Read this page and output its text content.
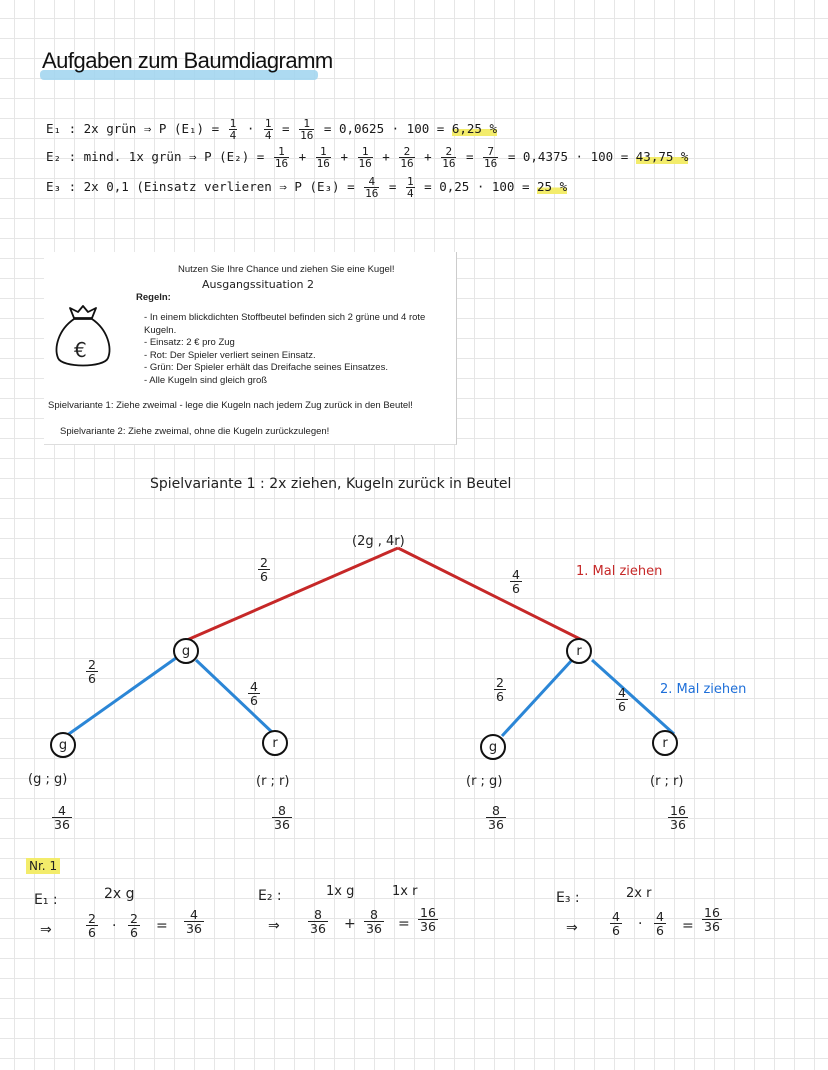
Aufgaben zum Baumdiagramm
E₁ : 2x grün ⇒ P $(E_1) = \frac{1}{4} \cdot \frac{1}{4} = \frac{1}{16} = 0,0625 \cdot 100 = 6,25$ %
E₂ : mind. 1x grün ⇒ P $(E_2) = \frac{1}{16} + \frac{1}{16} + \frac{1}{16} + \frac{2}{16} + \frac{2}{16} = \frac{7}{16} = 0,4375 \cdot 100 = 43,75$ %
E₃ : 2x 0,1 (Einsatz verlieren ⇒ P $(E_3) = \frac{4}{16} = \frac{1}{4} = 0,25 \cdot 100 = 25$ %
Nutzen Sie Ihre Chance und ziehen Sie eine Kugel!
Ausgangssituation 2
Regeln:
€
- In einem blickdichten Stoffbeutel befinden sich 2 grüne und 4 rote Kugeln.
- Einsatz: 2 € pro Zug
- Rot: Der Spieler verliert seinen Einsatz.
- Grün: Der Spieler erhält das Dreifache seines Einsatzes.
- Alle Kugeln sind gleich groß
Spielvariante 1: Ziehe zweimal - lege die Kugeln nach jedem Zug zurück in den Beutel!
Spielvariante 2: Ziehe zweimal, ohne die Kugeln zurückzulegen!
Spielvariante 1 : 2x ziehen, Kugeln zurück in Beutel
(2g , 4r)
1. Mal ziehen
2. Mal ziehen
2
6	4
6
g	r
2
6
4
6
2
6	4
6
g	r	g	r
(g ; g)	(r ; r)	(r ; g)	(r ; r)
4
36
8
36
8
36
16
36
Nr. 1
E₁ :	2x g
⇒
2
6 · 2
6 =
4
36
E₂ :	1x g	1x r
⇒
8
36 +
8
36 =
16
36
E₃ :	2x r
⇒
4
6 · 4
6 =
16
36
